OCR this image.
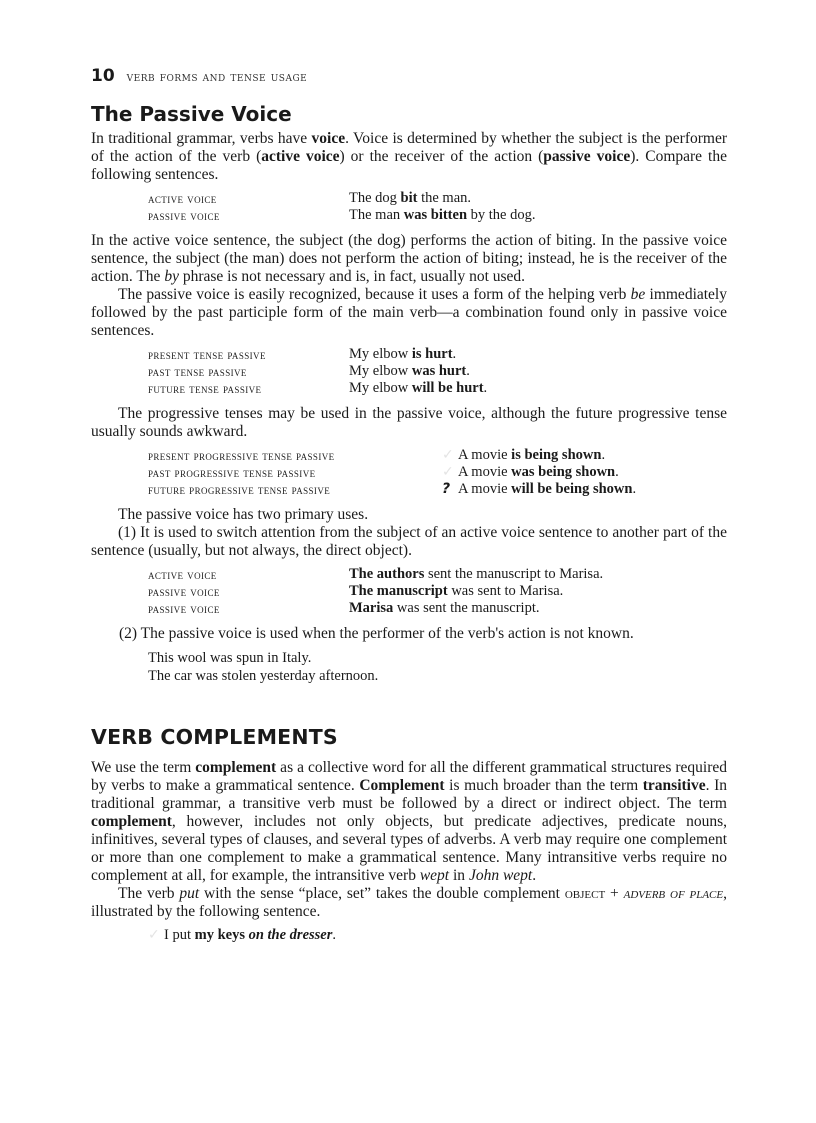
10 verb forms and tense usage
The Passive Voice

In traditional grammar, verbs have voice. Voice is determined by whether the subject is the performer of the action of the verb (active voice) or the receiver of the action (passive voice). Compare the following sentences.

active voice	The dog bit the man.
passive voice	The man was bitten by the dog.

In the active voice sentence, the subject (the dog) performs the action of biting. In the passive voice sentence, the subject (the man) does not perform the action of biting; instead, he is the receiver of the action. The by phrase is not necessary and is, in fact, usually not used.

The passive voice is easily recognized, because it uses a form of the helping verb be immediately followed by the past participle form of the main verb—a combination found only in passive voice sentences.

present tense passive	My elbow is hurt.
past tense passive	My elbow was hurt.
future tense passive	My elbow will be hurt.

The progressive tenses may be used in the passive voice, although the future progressive tense usually sounds awkward.

present progressive tense passive	✓ A movie is being shown.
past progressive tense passive	✓ A movie was being shown.
future progressive tense passive	? A movie will be being shown.

The passive voice has two primary uses.

(1) It is used to switch attention from the subject of an active voice sentence to another part of the sentence (usually, but not always, the direct object).

active voice	The authors sent the manuscript to Marisa.
passive voice	The manuscript was sent to Marisa.
passive voice	Marisa was sent the manuscript.

(2) The passive voice is used when the performer of the verb's action is not known.

This wool was spun in Italy.
The car was stolen yesterday afternoon.
VERB COMPLEMENTS

We use the term complement as a collective word for all the different grammatical structures required by verbs to make a grammatical sentence. Complement is much broader than the term transitive. In traditional grammar, a transitive verb must be followed by a direct or indirect object. The term complement, however, includes not only objects, but predicate adjectives, predicate nouns, infinitives, several types of clauses, and several types of adverbs. A verb may require one complement or more than one complement to make a grammatical sentence. Many intransitive verbs require no complement at all, for example, the intransitive verb wept in John wept.

The verb put with the sense “place, set” takes the double complement object + adverb of place, illustrated by the following sentence.

✓ I put my keys on the dresser.
